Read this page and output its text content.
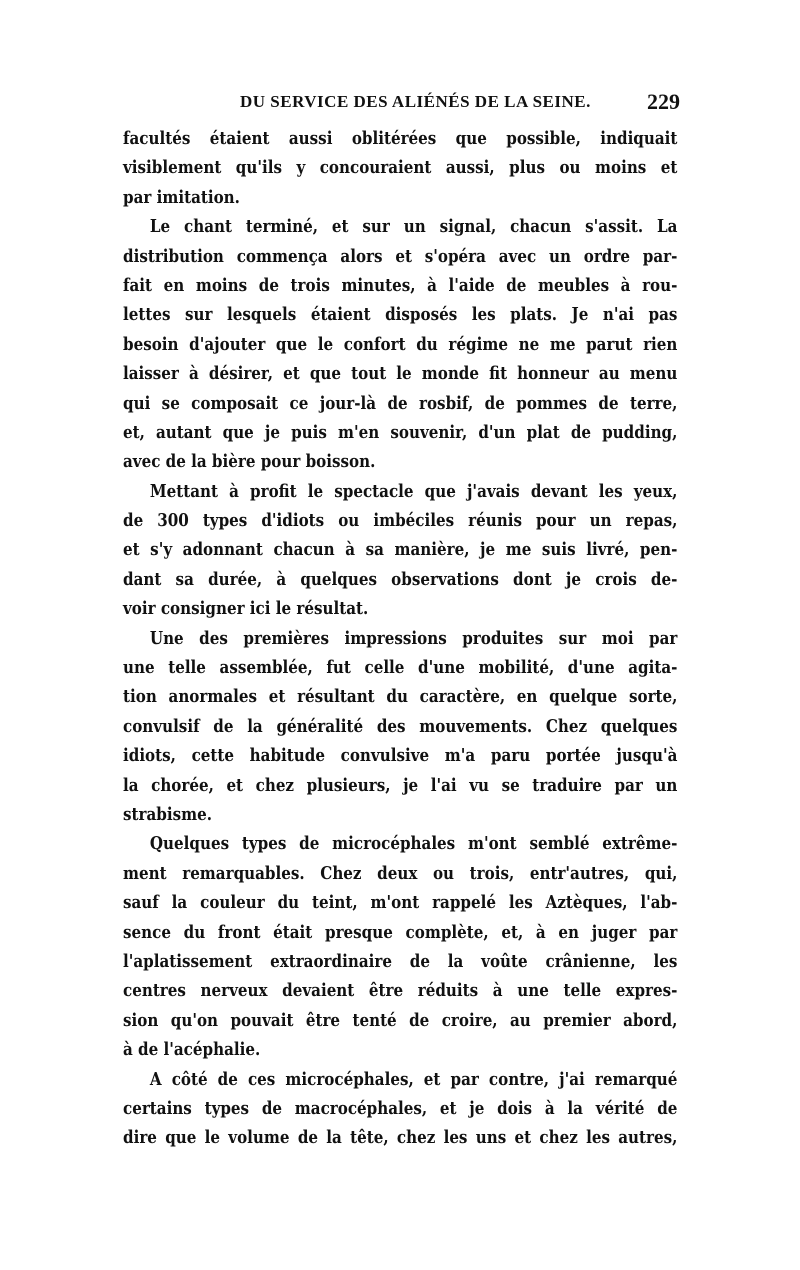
DU SERVICE DES ALIÉNÉS DE LA SEINE.	229
facultés étaient aussi oblitérées que possible, indiquait
visiblement qu'ils y concouraient aussi, plus ou moins et
par imitation.
Le chant terminé, et sur un signal, chacun s'assit. La
distribution commença alors et s'opéra avec un ordre par-
fait en moins de trois minutes, à l'aide de meubles à rou-
lettes sur lesquels étaient disposés les plats. Je n'ai pas
besoin d'ajouter que le confort du régime ne me parut rien
laisser à désirer, et que tout le monde fit honneur au menu
qui se composait ce jour-là de rosbif, de pommes de terre,
et, autant que je puis m'en souvenir, d'un plat de pudding,
avec de la bière pour boisson.
Mettant à profit le spectacle que j'avais devant les yeux,
de 300 types d'idiots ou imbéciles réunis pour un repas,
et s'y adonnant chacun à sa manière, je me suis livré, pen-
dant sa durée, à quelques observations dont je crois de-
voir consigner ici le résultat.
Une des premières impressions produites sur moi par
une telle assemblée, fut celle d'une mobilité, d'une agita-
tion anormales et résultant du caractère, en quelque sorte,
convulsif de la généralité des mouvements. Chez quelques
idiots, cette habitude convulsive m'a paru portée jusqu'à
la chorée, et chez plusieurs, je l'ai vu se traduire par un
strabisme.
Quelques types de microcéphales m'ont semblé extrême-
ment remarquables. Chez deux ou trois, entr'autres, qui,
sauf la couleur du teint, m'ont rappelé les Aztèques, l'ab-
sence du front était presque complète, et, à en juger par
l'aplatissement extraordinaire de la voûte crânienne, les
centres nerveux devaient être réduits à une telle expres-
sion qu'on pouvait être tenté de croire, au premier abord,
à de l'acéphalie.
A côté de ces microcéphales, et par contre, j'ai remarqué
certains types de macrocéphales, et je dois à la vérité de
dire que le volume de la tête, chez les uns et chez les autres,
